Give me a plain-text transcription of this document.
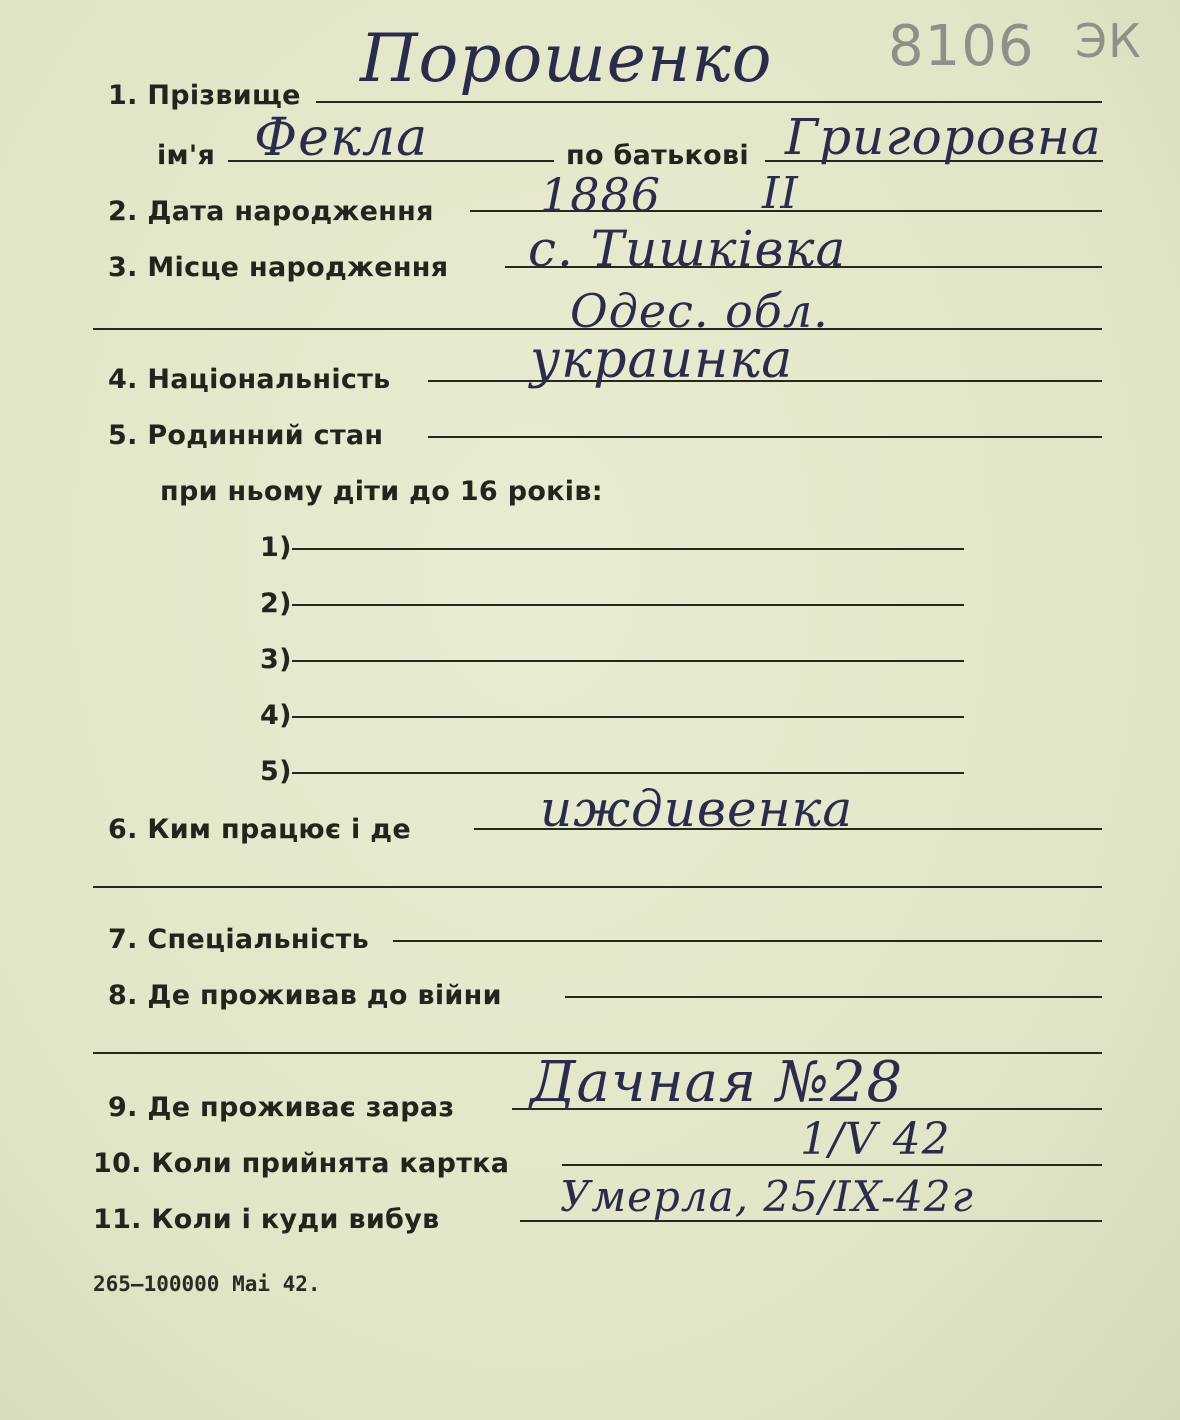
8106 ЭК
1. Прізвище Порошенко
ім'я Фекла	по батькові Григоровна
2. Дата народження 1886 II
3. Місце народження с. Тишківка
Одес. обл.
4. Національність	украинка
5. Родинний стан
при ньому діти до 16 років:
1)
2)
3)
4)
5)
6. Ким працює і де	иждивенка
7. Спеціальність
8. Де проживав до війни
9. Де проживає зараз Дачная №28
10. Коли прийнята картка	1/V 42
11. Коли і куди вибув	Умерла, 25/IX-42г
265—100000 Mai 42.
